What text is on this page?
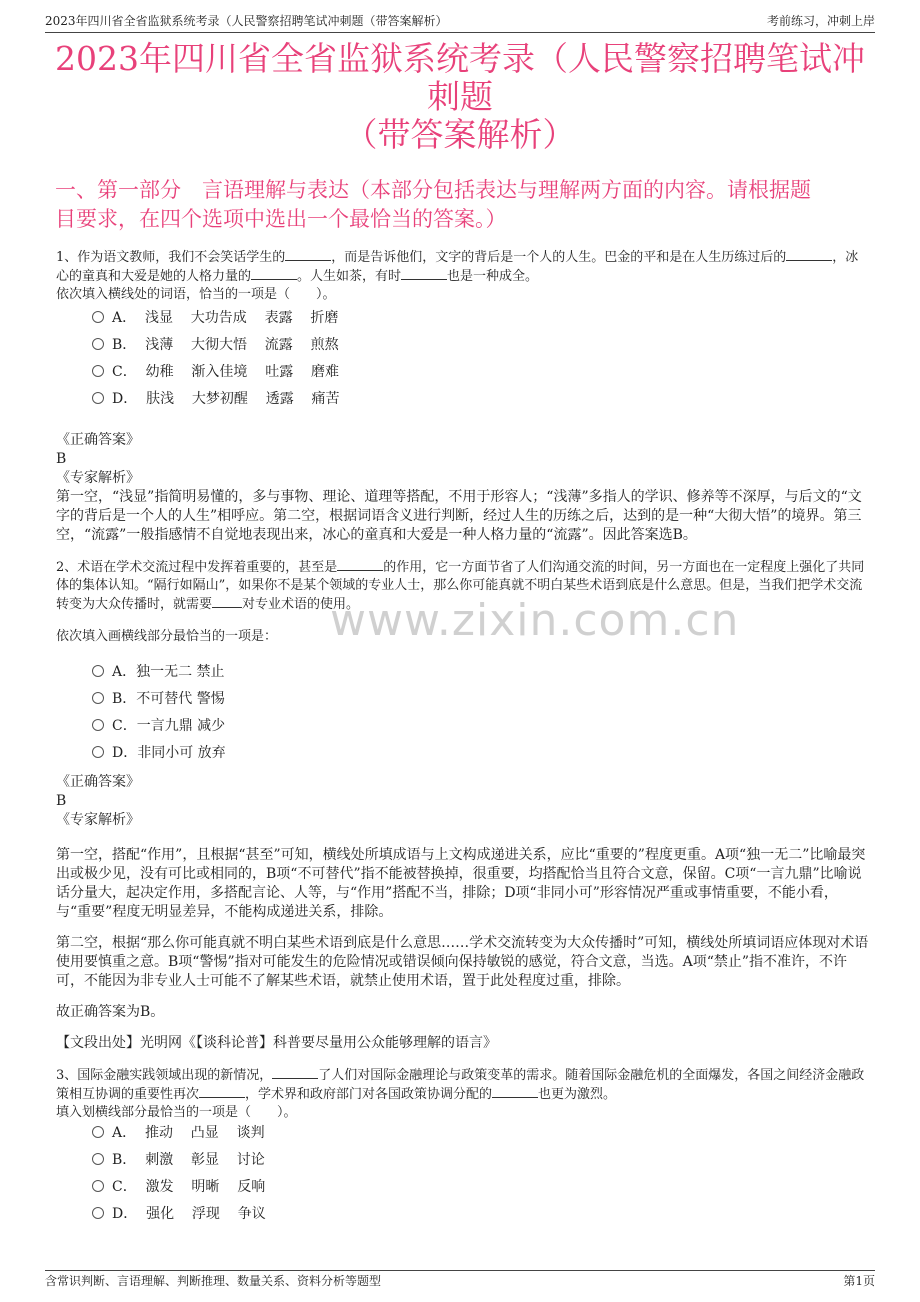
2023年四川省全省监狱系统考录（人民警察招聘笔试冲刺题（带答案解析）	考前练习，冲刺上岸
2023年四川省全省监狱系统考录（人民警察招聘笔试冲刺题
（带答案解析）
一、第一部分　言语理解与表达（本部分包括表达与理解两方面的内容。请根据题
目要求，在四个选项中选出一个最恰当的答案。）

1、作为语文教师，我们不会笑话学生的	，而是告诉他们，文字的背后是一个人的人生。巴金的平和是在人生历练过后的	，冰心的童真和大爱是她的人格力量的	。人生如茶，有时	也是一种成全。

依次填入横线处的词语，恰当的一项是（　　）。

A．  浅显    大功告成    表露    折磨
B．  浅薄    大彻大悟    流露    煎熬
C．  幼稚    渐入佳境    吐露    磨难
D．  肤浅    大梦初醒    透露    痛苦

《正确答案》

B

《专家解析》

第一空，“浅显”指简明易懂的，多与事物、理论、道理等搭配，不用于形容人；“浅薄”多指人的学识、修养等不深厚，与后文的“文字的背后是一个人的人生”相呼应。第二空，根据词语含义进行判断，经过人生的历练之后，达到的是一种“大彻大悟”的境界。第三空，“流露”一般指感情不自觉地表现出来，冰心的童真和大爱是一种人格力量的“流露”。因此答案选B。

2、术语在学术交流过程中发挥着重要的，甚至是	的作用，它一方面节省了人们沟通交流的时间，另一方面也在一定程度上强化了共同体的集体认知。“隔行如隔山”，如果你不是某个领域的专业人士，那么你可能真就不明白某些术语到底是什么意思。但是，当我们把学术交流转变为大众传播时，就需要 对专业术语的使用。

依次填入画横线部分最恰当的一项是：

A．独一无二 禁止
B．不可替代 警惕
C．一言九鼎 减少
D．非同小可 放弃

《正确答案》

B

《专家解析》

第一空，搭配“作用”，且根据“甚至”可知，横线处所填成语与上文构成递进关系，应比“重要的”程度更重。A项“独一无二”比喻最突出或极少见，没有可比或相同的，B项“不可替代”指不能被替换掉，很重要，均搭配恰当且符合文意，保留。C项“一言九鼎”比喻说话分量大，起决定作用，多搭配言论、人等，与“作用”搭配不当，排除；D项“非同小可”形容情况严重或事情重要，不能小看，与“重要”程度无明显差异，不能构成递进关系，排除。

第二空，根据“那么你可能真就不明白某些术语到底是什么意思……学术交流转变为大众传播时”可知，横线处所填词语应体现对术语使用要慎重之意。B项“警惕”指对可能发生的危险情况或错误倾向保持敏锐的感觉，符合文意，当选。A项“禁止”指不准许，不许可，不能因为非专业人士可能不了解某些术语，就禁止使用术语，置于此处程度过重，排除。

故正确答案为B。

【文段出处】光明网《【谈科论普】科普要尽量用公众能够理解的语言》

3、国际金融实践领域出现的新情况，	了人们对国际金融理论与政策变革的需求。随着国际金融危机的全面爆发，各国之间经济金融政策相互协调的重要性再次	，学术界和政府部门对各国政策协调分配的	也更为激烈。

填入划横线部分最恰当的一项是（　　）。

A．  推动    凸显    谈判
B．  刺激    彰显    讨论
C．  激发    明晰    反响
D．  强化    浮现    争议
www.zixin.com.cn
含常识判断、言语理解、判断推理、数量关系、资料分析等题型	第1页
